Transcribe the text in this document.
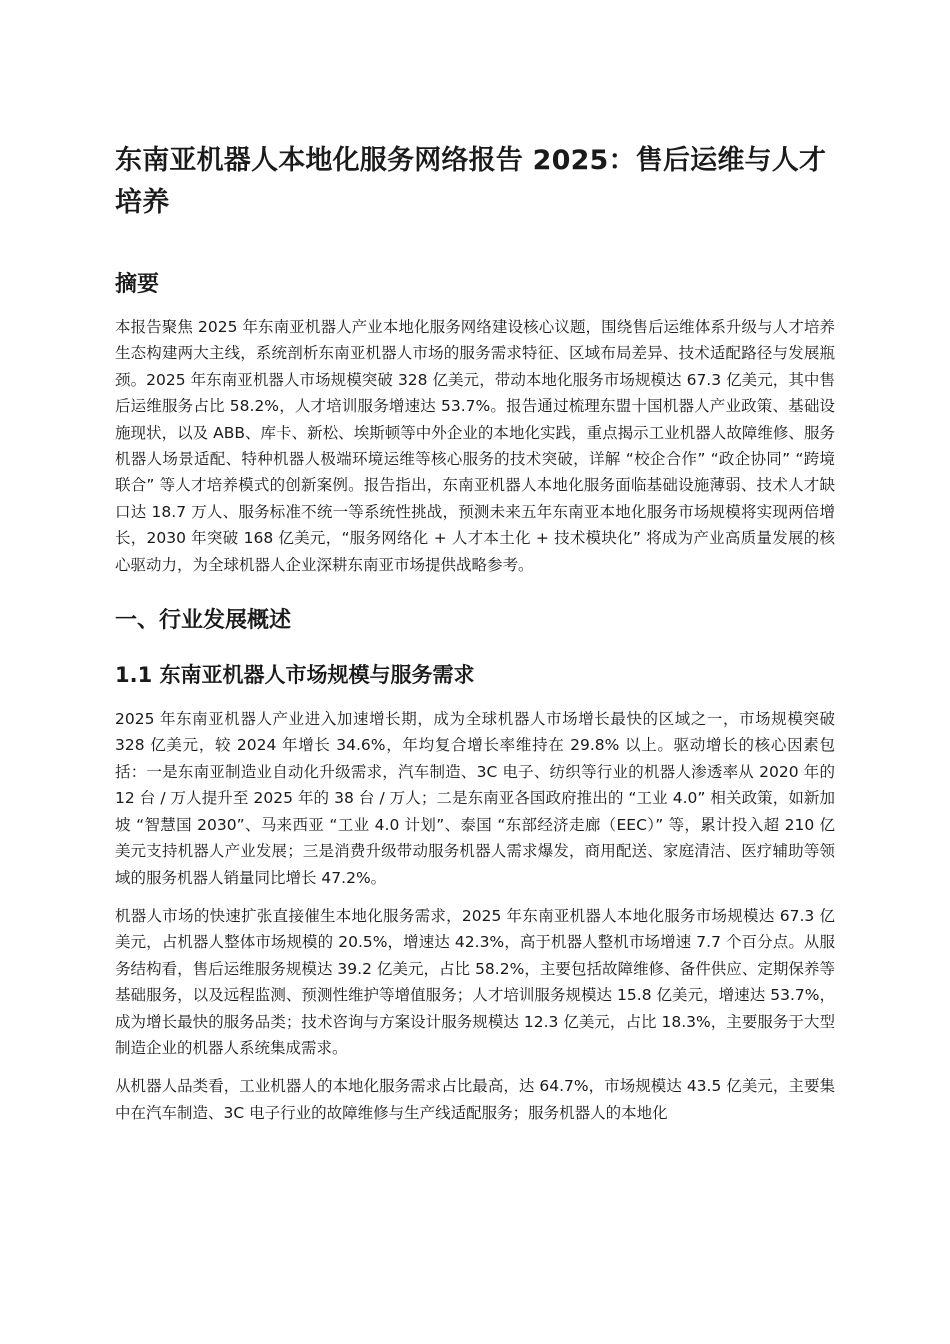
东南亚机器人本地化服务网络报告 2025：售后运维与人才培养
摘要

本报告聚焦 2025 年东南亚机器人产业本地化服务网络建设核心议题，围绕售后运维体系升级与人才培养生态构建两大主线，系统剖析东南亚机器人市场的服务需求特征、区域布局差异、技术适配路径与发展瓶颈。2025 年东南亚机器人市场规模突破 328 亿美元，带动本地化服务市场规模达 67.3 亿美元，其中售后运维服务占比 58.2%，人才培训服务增速达 53.7%。报告通过梳理东盟十国机器人产业政策、基础设施现状，以及 ABB、库卡、新松、埃斯顿等中外企业的本地化实践，重点揭示工业机器人故障维修、服务机器人场景适配、特种机器人极端环境运维等核心服务的技术突破，详解 “校企合作” “政企协同” “跨境联合” 等人才培养模式的创新案例。报告指出，东南亚机器人本地化服务面临基础设施薄弱、技术人才缺口达 18.7 万人、服务标准不统一等系统性挑战，预测未来五年东南亚本地化服务市场规模将实现两倍增长，2030 年突破 168 亿美元，“服务网络化 + 人才本土化 + 技术模块化” 将成为产业高质量发展的核心驱动力，为全球机器人企业深耕东南亚市场提供战略参考。

一、行业发展概述
1.1 东南亚机器人市场规模与服务需求

2025 年东南亚机器人产业进入加速增长期，成为全球机器人市场增长最快的区域之一，市场规模突破 328 亿美元，较 2024 年增长 34.6%，年均复合增长率维持在 29.8% 以上。驱动增长的核心因素包括：一是东南亚制造业自动化升级需求，汽车制造、3C 电子、纺织等行业的机器人渗透率从 2020 年的 12 台 / 万人提升至 2025 年的 38 台 / 万人；二是东南亚各国政府推出的 “工业 4.0” 相关政策，如新加坡 “智慧国 2030”、马来西亚 “工业 4.0 计划”、泰国 “东部经济走廊（EEC）” 等，累计投入超 210 亿美元支持机器人产业发展；三是消费升级带动服务机器人需求爆发，商用配送、家庭清洁、医疗辅助等领域的服务机器人销量同比增长 47.2%。

机器人市场的快速扩张直接催生本地化服务需求，2025 年东南亚机器人本地化服务市场规模达 67.3 亿美元，占机器人整体市场规模的 20.5%，增速达 42.3%，高于机器人整机市场增速 7.7 个百分点。从服务结构看，售后运维服务规模达 39.2 亿美元，占比 58.2%，主要包括故障维修、备件供应、定期保养等基础服务，以及远程监测、预测性维护等增值服务；人才培训服务规模达 15.8 亿美元，增速达 53.7%，成为增长最快的服务品类；技术咨询与方案设计服务规模达 12.3 亿美元，占比 18.3%，主要服务于大型制造企业的机器人系统集成需求。

从机器人品类看，工业机器人的本地化服务需求占比最高，达 64.7%，市场规模达 43.5 亿美元，主要集中在汽车制造、3C 电子行业的故障维修与生产线适配服务；服务机器人的本地化
